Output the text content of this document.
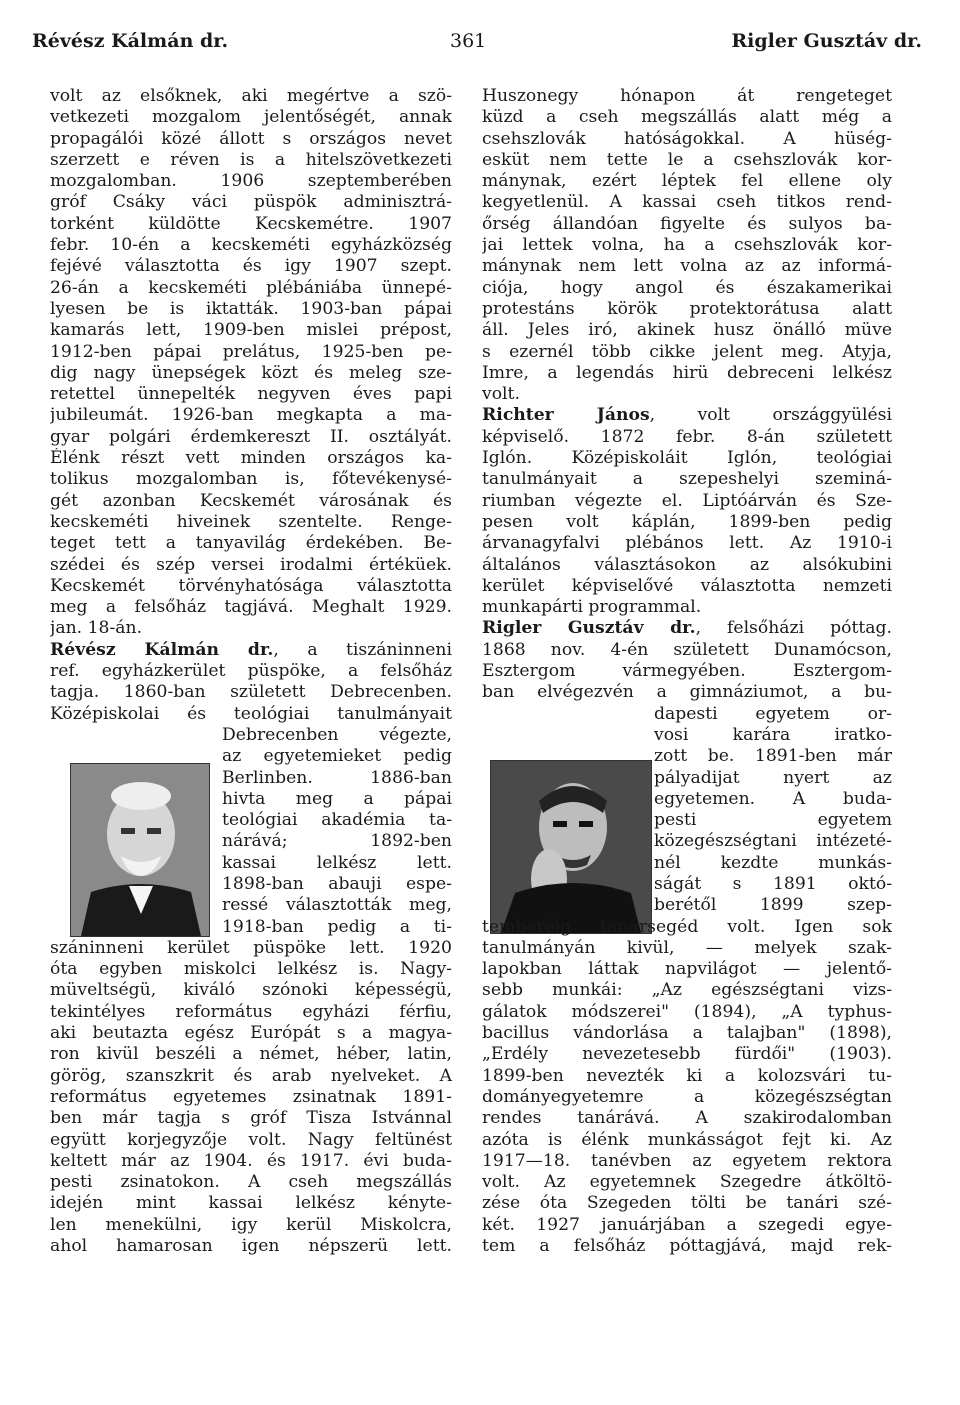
Révész Kálmán dr.	361	Rigler Gusztáv dr.

volt az elsőknek, aki megértve a szö-

vetkezeti mozgalom jelentőségét, annak

propagálói közé állott s országos nevet

szerzett e réven is a hitelszövetkezeti

mozgalomban. 1906 szeptemberében

gróf Csáky váci püspök adminisztrá-

torként küldötte Kecskemétre. 1907

febr. 10-én a kecskeméti egyházközség

fejévé választotta és igy 1907 szept.

26-án a kecskeméti plébániába ünnepé-

lyesen be is iktatták. 1903-ban pápai

kamarás lett, 1909-ben mislei prépost,

1912-ben pápai prelátus, 1925-ben pe-

dig nagy ünepségek közt és meleg sze-

retettel ünnepelték negyven éves papi

jubileumát. 1926-ban megkapta a ma-

gyar polgári érdemkereszt II. osztályát.

Élénk részt vett minden országos ka-

tolikus mozgalomban is, főtevékenysé-

gét azonban Kecskemét városának és

kecskeméti hiveinek szentelte. Renge-

teget tett a tanyavilág érdekében. Be-

szédei és szép versei irodalmi értéküek.

Kecskemét törvényhatósága választotta

meg a felsőház tagjává. Meghalt 1929.

jan. 18-án.

Révész Kálmán dr., a tiszáninneni

ref. egyházkerület püspöke, a felsőház

tagja. 1860-ban született Debrecenben.

Középiskolai és teológiai tanulmányait

Debrecenben végezte,

az egyetemieket pedig

Berlinben. 1886-ban

hivta meg a pápai

teológiai akadémia ta-

nárává; 1892-ben

kassai lelkész lett.

1898-ban abauji espe-

ressé választották meg,

1918-ban pedig a ti-

száninneni kerület püspöke lett. 1920

óta egyben miskolci lelkész is. Nagy-

müveltségü, kiváló szónoki képességü,

tekintélyes református egyházi férfiu,

aki beutazta egész Európát s a magya-

ron kivül beszéli a német, héber, latin,

görög, szanszkrit és arab nyelveket. A

református egyetemes zsinatnak 1891-

ben már tagja s gróf Tisza Istvánnal

együtt korjegyzője volt. Nagy feltünést

keltett már az 1904. és 1917. évi buda-

pesti zsinatokon. A cseh megszállás

idején mint kassai lelkész kényte-

len menekülni, igy kerül Miskolcra,

ahol hamarosan igen népszerü lett.

Huszonegy hónapon át rengeteget

küzd a cseh megszállás alatt még a

csehszlovák hatóságokkal. A hüség-

esküt nem tette le a csehszlovák kor-

mánynak, ezért léptek fel ellene oly

kegyetlenül. A kassai cseh titkos rend-

őrség állandóan figyelte és sulyos ba-

jai lettek volna, ha a csehszlovák kor-

mánynak nem lett volna az az informá-

ciója, hogy angol és északamerikai

protestáns körök protektorátusa alatt

áll. Jeles iró, akinek husz önálló müve

s ezernél több cikke jelent meg. Atyja,

Imre, a legendás hirü debreceni lelkész

volt.

Richter János, volt országgyülési

képviselő. 1872 febr. 8-án született

Iglón. Középiskoláit Iglón, teológiai

tanulmányait a szepeshelyi szeminá-

riumban végezte el. Liptóárván és Sze-

pesen volt káplán, 1899-ben pedig

árvanagyfalvi plébános lett. Az 1910-i

általános választásokon az alsókubini

kerület képviselővé választotta nemzeti

munkapárti programmal.

Rigler Gusztáv dr., felsőházi póttag.

1868 nov. 4-én született Dunamócson,

Esztergom vármegyében. Esztergom-

ban elvégezvén a gimnáziumot, a bu-

dapesti egyetem or-

vosi karára iratko-

zott be. 1891-ben már

pályadijat nyert az

egyetemen. A buda-

pesti egyetem

közegészségtani intézeté-

nél kezdte munkás-

ságát s 1891 októ-

berétől 1899 szep-

temberéig tanársegéd volt. Igen sok

tanulmányán kivül, — melyek szak-

lapokban láttak napvilágot — jelentő-

sebb munkái: „Az egészségtani vizs-

gálatok módszerei" (1894), „A typhus-

bacillus vándorlása a talajban" (1898),

„Erdély nevezetesebb fürdői" (1903).

1899-ben nevezték ki a kolozsvári tu-

dományegyetemre a közegészségtan

rendes tanárává. A szakirodalomban

azóta is élénk munkásságot fejt ki. Az

1917—18. tanévben az egyetem rektora

volt. Az egyetemnek Szegedre átköltö-

zése óta Szegeden tölti be tanári szé-

két. 1927 januárjában a szegedi egye-

tem a felsőház póttagjává, majd rek-
